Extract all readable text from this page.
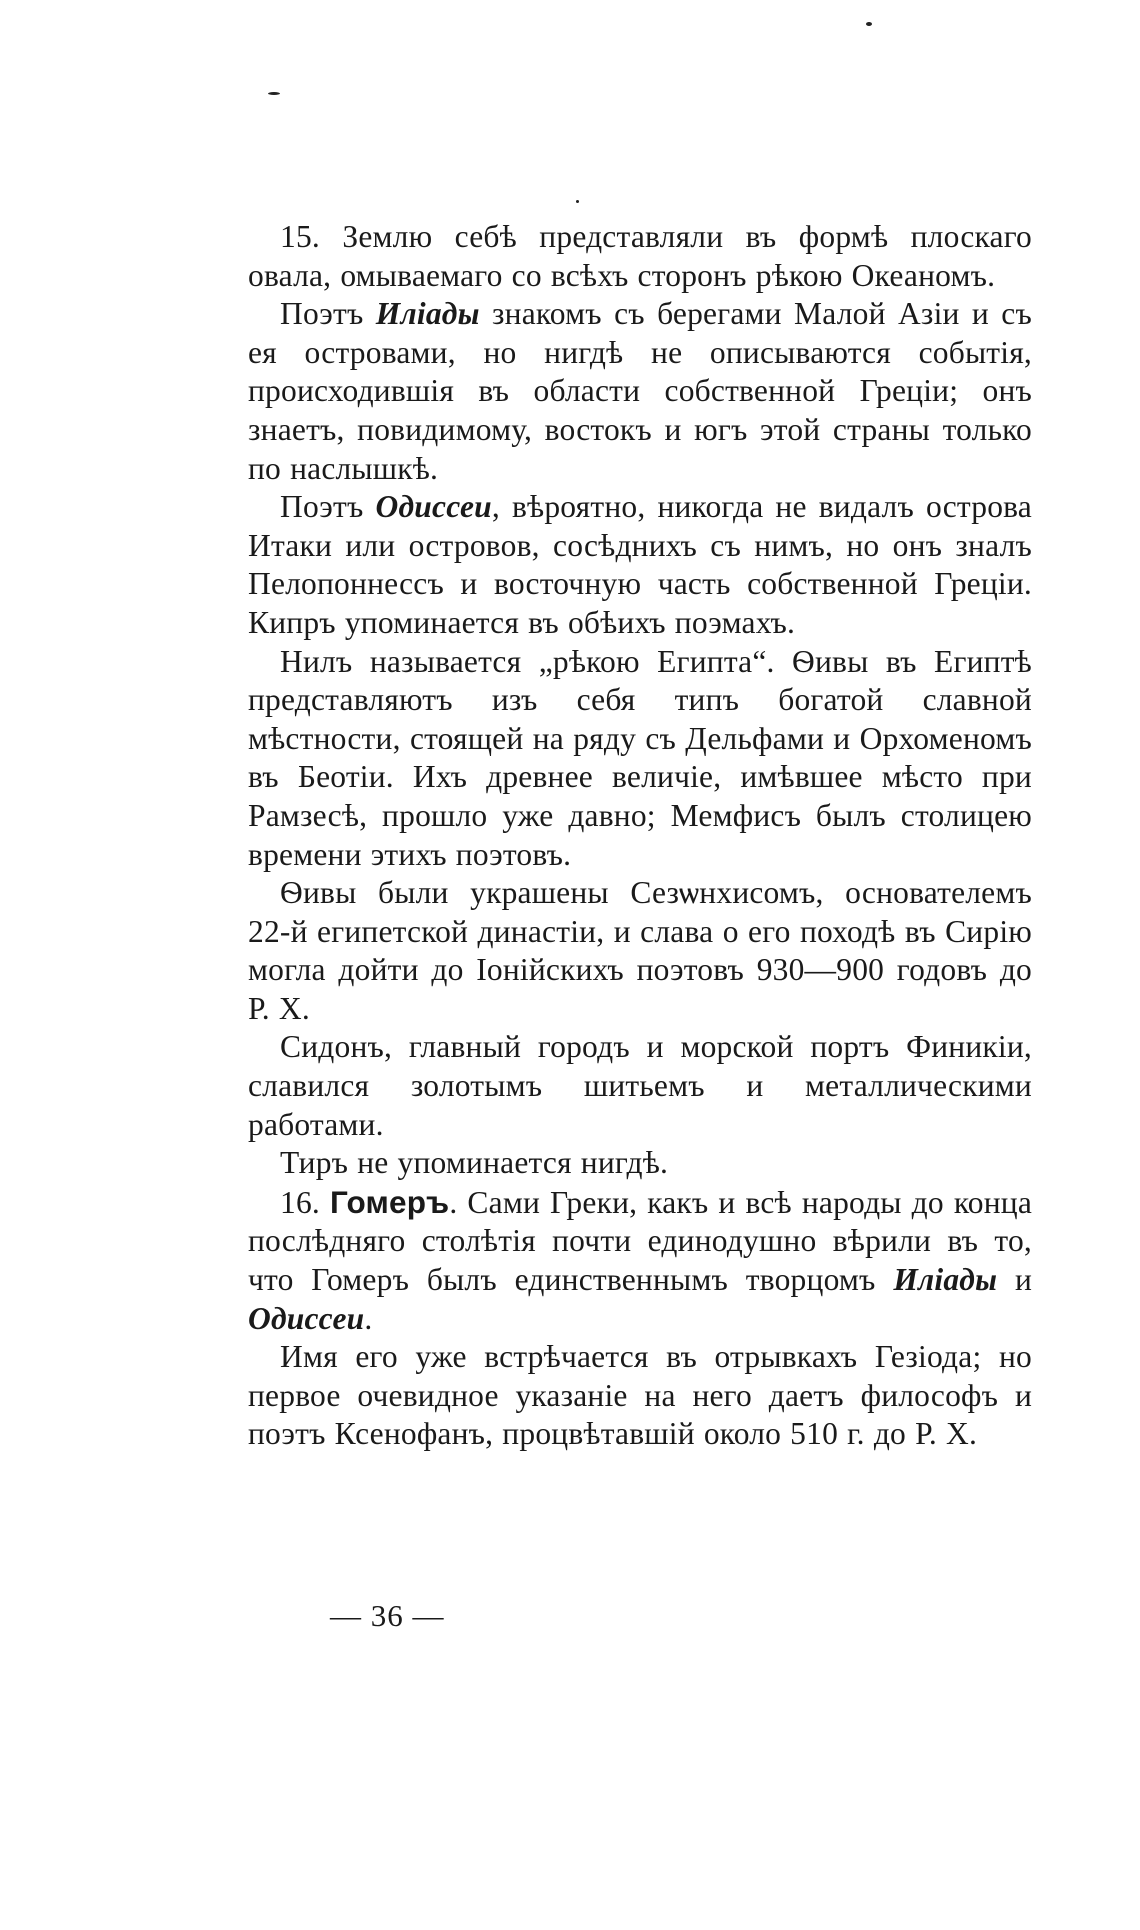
15. Землю себѣ представляли въ формѣ плоскаго овала, омываемаго со всѣхъ сторонъ рѣкою Океаномъ.

Поэтъ Иліады знакомъ съ берегами Малой Азіи и съ ея островами, но нигдѣ не описываются событія, происходившія въ области собственной Греціи; онъ знаетъ, повидимому, востокъ и югъ этой страны только по наслышкѣ.

Поэтъ Одиссеи, вѣроятно, никогда не видалъ острова Итаки или островов, сосѣднихъ съ нимъ, но онъ зналъ Пелопоннессъ и восточную часть собственной Греціи. Кипръ упоминается въ обѣихъ поэмахъ.

Нилъ называется „рѣкою Египта“. Ѳивы въ Египтѣ представляютъ изъ себя типъ богатой славной мѣстности, стоящей на ряду съ Дельфами и Орхоменомъ въ Беотіи. Ихъ древнее величіе, имѣвшее мѣсто при Рамзесѣ, прошло уже давно; Мемфисъ былъ столицею времени этихъ поэтовъ.

Ѳивы были украшены Сезѡнхисомъ, основателемъ 22-й египетской династіи, и слава о его походѣ въ Сирію могла дойти до Іонійскихъ поэтовъ 930—900 годовъ до Р. Х.

Сидонъ, главный городъ и морской портъ Финикіи, славился золотымъ шитьемъ и металлическими работами.

Тиръ не упоминается нигдѣ.

16. Гомеръ. Сами Греки, какъ и всѣ народы до конца послѣдняго столѣтія почти единодушно вѣрили въ то, что Гомеръ былъ единственнымъ творцомъ Иліады и Одиссеи.

Имя его уже встрѣчается въ отрывкахъ Гезіода; но первое очевидное указаніе на него даетъ философъ и поэтъ Ксенофанъ, процвѣтавшій около 510 г. до Р. Х.

— 36 —
